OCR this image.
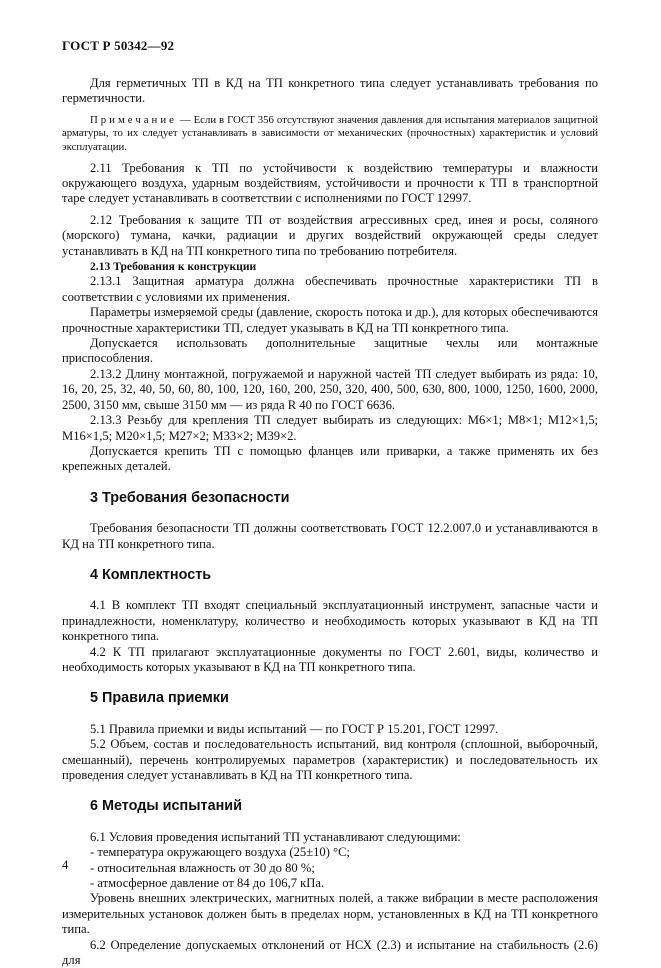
ГОСТ Р 50342—92

Для герметичных ТП в КД на ТП конкретного типа следует устанавливать требования по герметичности.

Примечание — Если в ГОСТ 356 отсутствуют значения давления для испытания материалов защитной арматуры, то их следует устанавливать в зависимости от механических (прочностных) характеристик и условий эксплуатации.

2.11 Требования к ТП по устойчивости к воздействию температуры и влажности окружающего воздуха, ударным воздействиям, устойчивости и прочности к ТП в транспортной таре следует устанавливать в соответствии с исполнениями по ГОСТ 12997.

2.12 Требования к защите ТП от воздействия агрессивных сред, инея и росы, соляного (морского) тумана, качки, радиации и других воздействий окружающей среды следует устанавливать в КД на ТП конкретного типа по требованию потребителя.

2.13 Требования к конструкции

2.13.1 Защитная арматура должна обеспечивать прочностные характеристики ТП в соответствии с условиями их применения.

Параметры измеряемой среды (давление, скорость потока и др.), для которых обеспечиваются прочностные характеристики ТП, следует указывать в КД на ТП конкретного типа.

Допускается использовать дополнительные защитные чехлы или монтажные приспособления.

2.13.2 Длину монтажной, погружаемой и наружной частей ТП следует выбирать из ряда: 10, 16, 20, 25, 32, 40, 50, 60, 80, 100, 120, 160, 200, 250, 320, 400, 500, 630, 800, 1000, 1250, 1600, 2000, 2500, 3150 мм, свыше 3150 мм — из ряда R 40 по ГОСТ 6636.

2.13.3 Резьбу для крепления ТП следует выбирать из следующих: М6×1; М8×1; М12×1,5; М16×1,5; М20×1,5; М27×2; М33×2; М39×2.

Допускается крепить ТП с помощью фланцев или приварки, а также применять их без крепежных деталей.

3 Требования безопасности

Требования безопасности ТП должны соответствовать ГОСТ 12.2.007.0 и устанавливаются в КД на ТП конкретного типа.

4 Комплектность

4.1 В комплект ТП входят специальный эксплуатационный инструмент, запасные части и принадлежности, номенклатуру, количество и необходимость которых указывают в КД на ТП конкретного типа.

4.2 К ТП прилагают эксплуатационные документы по ГОСТ 2.601, виды, количество и необходимость которых указывают в КД на ТП конкретного типа.

5 Правила приемки

5.1 Правила приемки и виды испытаний — по ГОСТ Р 15.201, ГОСТ 12997.

5.2 Объем, состав и последовательность испытаний, вид контроля (сплошной, выборочный, смешанный), перечень контролируемых параметров (характеристик) и последовательность их проведения следует устанавливать в КД на ТП конкретного типа.

6 Методы испытаний

6.1 Условия проведения испытаний ТП устанавливают следующими:

- температура окружающего воздуха (25±10) °С;

- относительная влажность от 30 до 80 %;

- атмосферное давление от 84 до 106,7 кПа.

Уровень внешних электрических, магнитных полей, а также вибрации в месте расположения измерительных установок должен быть в пределах норм, установленных в КД на ТП конкретного типа.

6.2 Определение допускаемых отклонений от НСХ (2.3) и испытание на стабильность (2.6) для

4
